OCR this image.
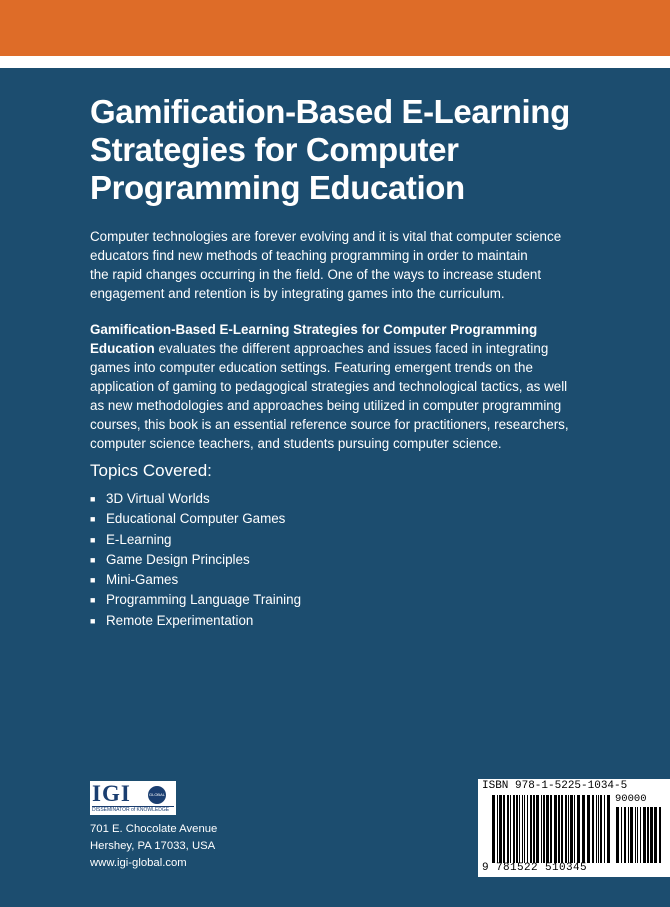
Gamification-Based E-Learning
Strategies for Computer
Programming Education

Computer technologies are forever evolving and it is vital that computer science
educators find new methods of teaching programming in order to maintain
the rapid changes occurring in the field. One of the ways to increase student
engagement and retention is by integrating games into the curriculum.

Gamification-Based E-Learning Strategies for Computer Programming
Education evaluates the different approaches and issues faced in integrating
games into computer education settings. Featuring emergent trends on the
application of gaming to pedagogical strategies and technological tactics, as well
as new methodologies and approaches being utilized in computer programming
courses, this book is an essential reference source for practitioners, researchers,
computer science teachers, and students pursuing computer science.

Topics Covered:
■ 3D Virtual Worlds
■ Educational Computer Games
■ E-Learning
■ Game Design Principles
■ Mini-Games
■ Programming Language Training
■ Remote Experimentation
IGI	GLOBAL
DISSEMINATOR of KNOWLEDGE
701 E. Chocolate Avenue
Hershey, PA 17033, USA
www.igi-global.com
ISBN 978-1-5225-1034-5
90000
9 781522 510345
